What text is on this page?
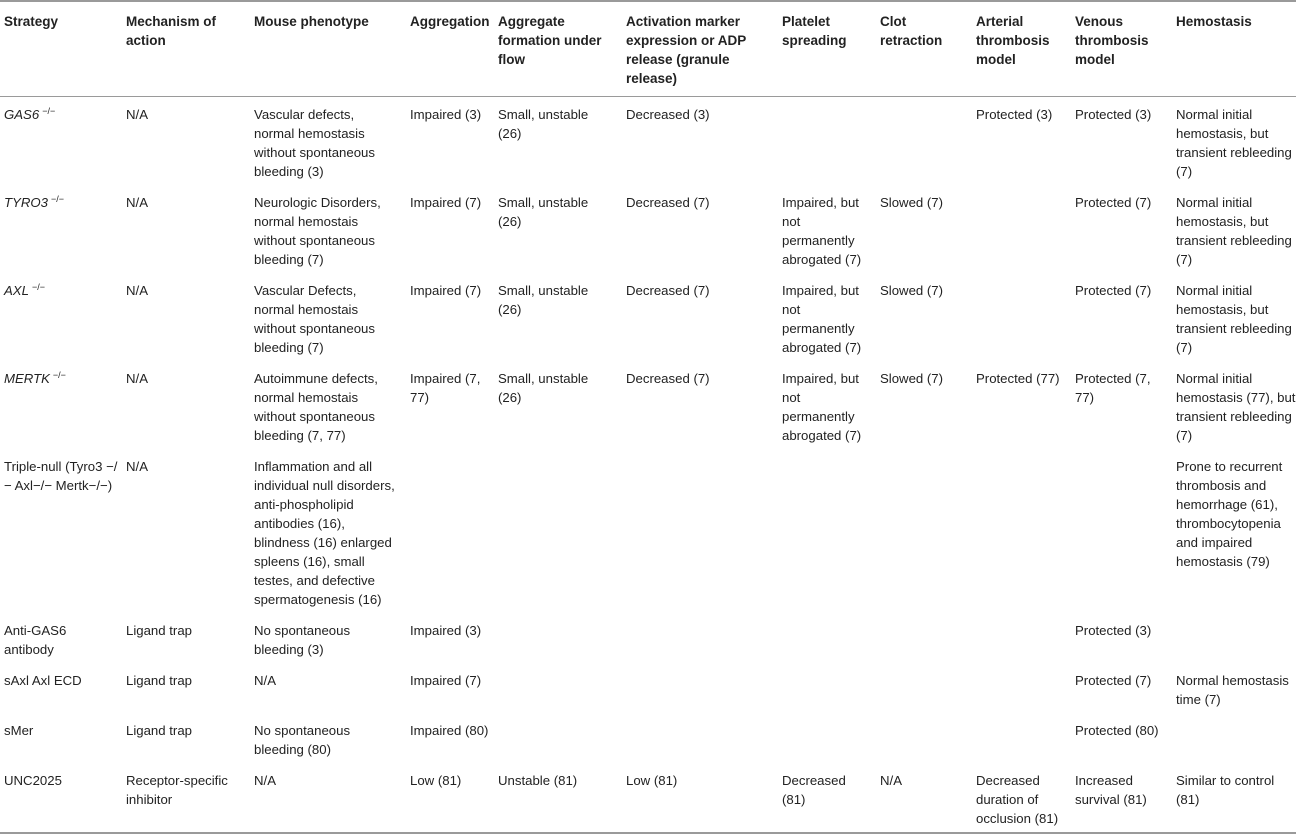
Strategy	Mechanism of action	Mouse phenotype	Aggregation	Aggregate formation under flow	Activation marker expression or ADP release (granule release)	Platelet spreading	Clot retraction	Arterial thrombosis model	Venous thrombosis model	Hemostasis
GAS6 −/−	N/A	Vascular defects, normal hemostasis without spontaneous bleeding (3)	Impaired (3)	Small, unstable (26)	Decreased (3)			Protected (3)	Protected (3)	Normal initial hemostasis, but transient rebleeding (7)
TYRO3 −/−	N/A	Neurologic Disorders, normal hemostais without spontaneous bleeding (7)	Impaired (7)	Small, unstable (26)	Decreased (7)	Impaired, but not permanently abrogated (7)	Slowed (7)		Protected (7)	Normal initial hemostasis, but transient rebleeding (7)
AXL −/−	N/A	Vascular Defects, normal hemostais without spontaneous bleeding (7)	Impaired (7)	Small, unstable (26)	Decreased (7)	Impaired, but not permanently abrogated (7)	Slowed (7)		Protected (7)	Normal initial hemostasis, but transient rebleeding (7)
MERTK −/−	N/A	Autoimmune defects, normal hemostais without spontaneous bleeding (7, 77)	Impaired (7, 77)	Small, unstable (26)	Decreased (7)	Impaired, but not permanently abrogated (7)	Slowed (7)	Protected (77)	Protected (7, 77)	Normal initial hemostasis (77), but transient rebleeding (7)
Triple-null (Tyro3 −/− Axl−/− Mertk−/−)	N/A	Inflammation and all individual null disorders, anti-phospholipid antibodies (16), blindness (16) enlarged spleens (16), small testes, and defective spermatogenesis (16)								Prone to recurrent thrombosis and hemorrhage (61), thrombocytopenia and impaired hemostasis (79)
Anti-GAS6 antibody	Ligand trap	No spontaneous bleeding (3)	Impaired (3)						Protected (3)	
sAxl Axl ECD	Ligand trap	N/A	Impaired (7)						Protected (7)	Normal hemostasis time (7)
sMer	Ligand trap	No spontaneous bleeding (80)	Impaired (80)						Protected (80)	
UNC2025	Receptor-specific inhibitor	N/A	Low (81)	Unstable (81)	Low (81)	Decreased (81)	N/A	Decreased duration of occlusion (81)	Increased survival (81)	Similar to control (81)
